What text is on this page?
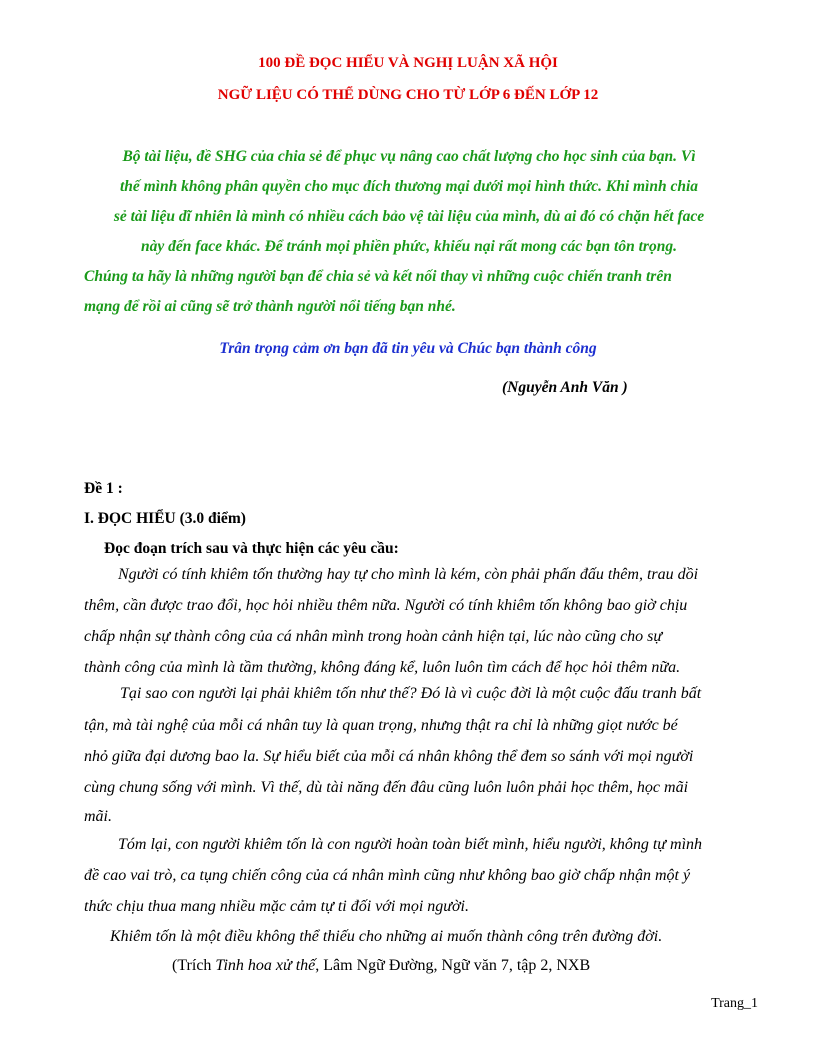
100 ĐỀ ĐỌC HIỂU VÀ NGHỊ LUẬN XÃ HỘI
NGỮ LIỆU CÓ THỂ DÙNG CHO TỪ LỚP 6 ĐẾN LỚP 12
Bộ tài liệu, đề SHG của chia sẻ để phục vụ nâng cao chất lượng cho học sinh của bạn. Vì
thế mình không phân quyền cho mục đích thương mại dưới mọi hình thức. Khi mình chia
sẻ tài liệu dĩ nhiên là mình có nhiều cách bảo vệ tài liệu của mình, dù ai đó có chặn hết face
này đến face khác. Để tránh mọi phiền phức, khiếu nại rất mong các bạn tôn trọng.
Chúng ta hãy là những người bạn để chia sẻ và kết nối thay vì những cuộc chiến tranh trên
mạng để rồi ai cũng sẽ trở thành người nổi tiếng bạn nhé.
Trân trọng cảm ơn bạn đã tin yêu và Chúc bạn thành công
(Nguyễn Anh Văn )
Đề 1 :
I. ĐỌC HIỂU (3.0 điểm)
Đọc đoạn trích sau và thực hiện các yêu cầu:
Người có tính khiêm tốn thường hay tự cho mình là kém, còn phải phấn đấu thêm, trau dồi
thêm, cần được trao đổi, học hỏi nhiều thêm nữa. Người có tính khiêm tốn không bao giờ chịu
chấp nhận sự thành công của cá nhân mình trong hoàn cảnh hiện tại, lúc nào cũng cho sự
thành công của mình là tầm thường, không đáng kể, luôn luôn tìm cách để học hỏi thêm nữa.
Tại sao con người lại phải khiêm tốn như thế? Đó là vì cuộc đời là một cuộc đấu tranh bất
tận, mà tài nghệ của mỗi cá nhân tuy là quan trọng, nhưng thật ra chỉ là những giọt nước bé
nhỏ giữa đại dương bao la. Sự hiểu biết của mỗi cá nhân không thể đem so sánh với mọi người
cùng chung sống với mình. Vì thế, dù tài năng đến đâu cũng luôn luôn phải học thêm, học mãi
mãi.
Tóm lại, con người khiêm tốn là con người hoàn toàn biết mình, hiểu người, không tự mình
đề cao vai trò, ca tụng chiến công của cá nhân mình cũng như không bao giờ chấp nhận một ý
thức chịu thua mang nhiều mặc cảm tự ti đối với mọi người.
Khiêm tốn là một điều không thể thiếu cho những ai muốn thành công trên đường đời.
(Trích Tinh hoa xử thế, Lâm Ngữ Đường, Ngữ văn 7, tập 2, NXB
Trang_1
